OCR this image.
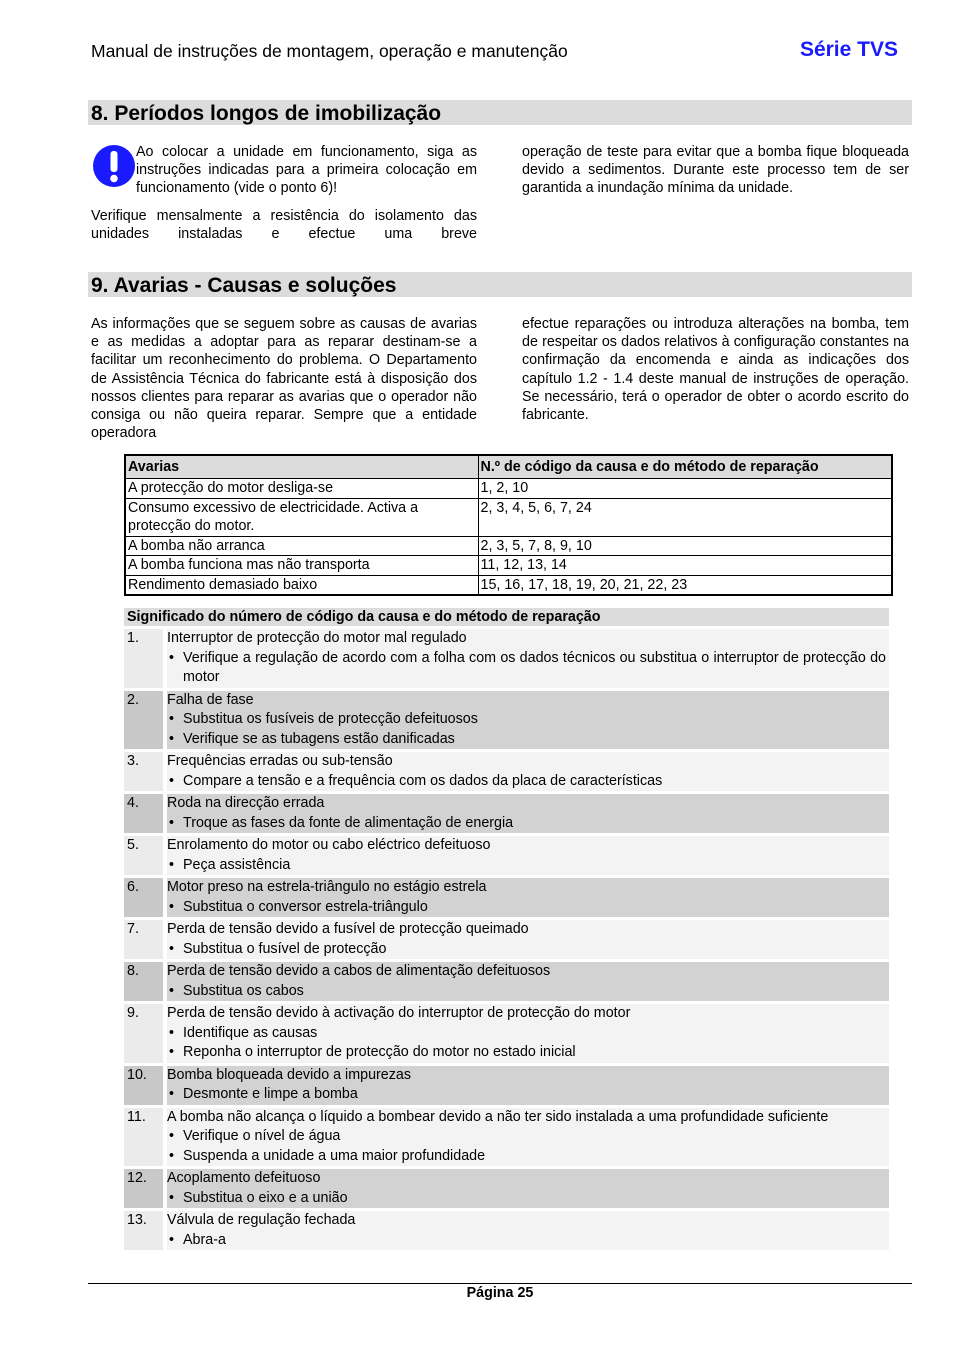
Manual de instruções de montagem, operação e manutenção	Série TVS
8. Períodos longos de imobilização
Ao colocar a unidade em funcionamento, siga as instruções indicadas para a primeira colocação em funcionamento (vide o ponto 6)!
Verifique mensalmente a resistência do isolamento das unidades instaladas e efectue uma breve
operação de teste para evitar que a bomba fique bloqueada devido a sedimentos. Durante este processo tem de ser garantida a inundação mínima da unidade.
9. Avarias - Causas e soluções
As informações que se seguem sobre as causas de avarias e as medidas a adoptar para as reparar destinam-se a facilitar um reconhecimento do problema. O Departamento de Assistência Técnica do fabricante está à disposição dos nossos clientes para reparar as avarias que o operador não consiga ou não queira reparar. Sempre que a entidade operadora
efectue reparações ou introduza alterações na bomba, tem de respeitar os dados relativos à configuração constantes na confirmação da encomenda e ainda as indicações dos capítulo 1.2 - 1.4 deste manual de instruções de operação. Se necessário, terá o operador de obter o acordo escrito do fabricante.
Avarias	N.º de código da causa e do método de reparação
A protecção do motor desliga-se	1, 2, 10
Consumo excessivo de electricidade. Activa a protecção do motor.	2, 3, 4, 5, 6, 7, 24
A bomba não arranca	2, 3, 5, 7, 8, 9, 10
A bomba funciona mas não transporta	11, 12, 13, 14
Rendimento demasiado baixo	15, 16, 17, 18, 19, 20, 21, 22, 23
Significado do número de código da causa e do método de reparação
1.	Interruptor de protecção do motor mal regulado
• Verifique a regulação de acordo com a folha com os dados técnicos ou substitua o interruptor de protecção do motor
2.	Falha de fase
• Substitua os fusíveis de protecção defeituosos
• Verifique se as tubagens estão danificadas
3.	Frequências erradas ou sub-tensão
• Compare a tensão e a frequência com os dados da placa de características
4.	Roda na direcção errada
• Troque as fases da fonte de alimentação de energia
5.	Enrolamento do motor ou cabo eléctrico defeituoso
• Peça assistência
6.	Motor preso na estrela-triângulo no estágio estrela
• Substitua o conversor estrela-triângulo
7.	Perda de tensão devido a fusível de protecção queimado
• Substitua o fusível de protecção
8.	Perda de tensão devido a cabos de alimentação defeituosos
• Substitua os cabos
9.	Perda de tensão devido à activação do interruptor de protecção do motor
• Identifique as causas
• Reponha o interruptor de protecção do motor no estado inicial
10.	Bomba bloqueada devido a impurezas
• Desmonte e limpe a bomba
11.	A bomba não alcança o líquido a bombear devido a não ter sido instalada a uma profundidade suficiente
• Verifique o nível de água
• Suspenda a unidade a uma maior profundidade
12.	Acoplamento defeituoso
• Substitua o eixo e a união
13.	Válvula de regulação fechada
• Abra-a
Página 25
